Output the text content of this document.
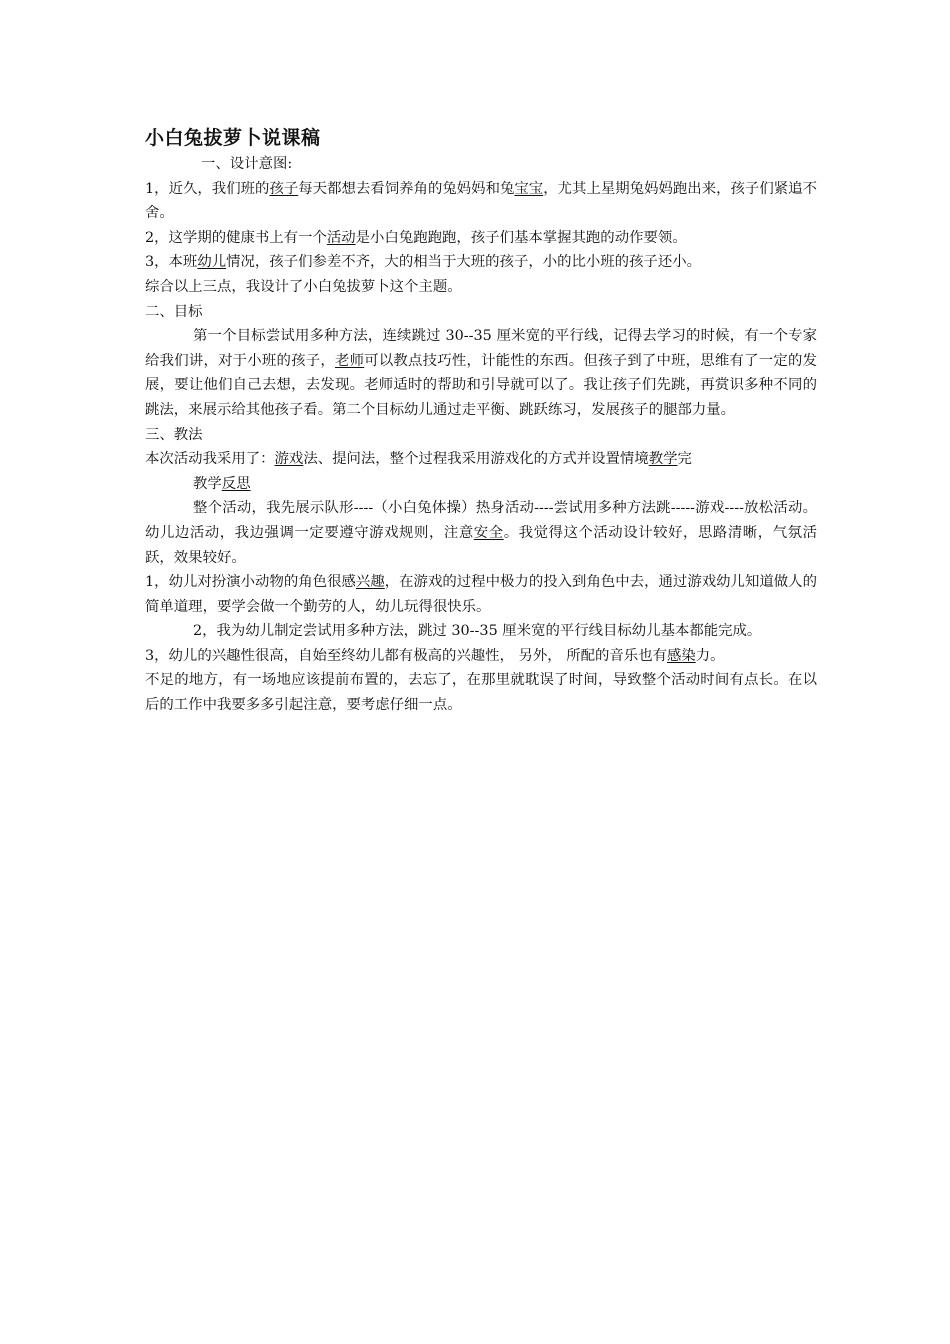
小白兔拔萝卜说课稿

一、设计意图:

1，近久，我们班的孩子每天都想去看饲养角的兔妈妈和兔宝宝，尤其上星期兔妈妈跑出来，孩子们紧追不舍。

2，这学期的健康书上有一个活动是小白兔跑跑跑，孩子们基本掌握其跑的动作要领。

3，本班幼儿情况，孩子们参差不齐，大的相当于大班的孩子，小的比小班的孩子还小。

综合以上三点，我设计了小白兔拔萝卜这个主题。

二、目标

第一个目标尝试用多种方法，连续跳过 30--35 厘米宽的平行线，记得去学习的时候，有一个专家给我们讲，对于小班的孩子，老师可以教点技巧性，计能性的东西。但孩子到了中班，思维有了一定的发展，要让他们自己去想，去发现。老师适时的帮助和引导就可以了。我让孩子们先跳，再赏识多种不同的跳法，来展示给其他孩子看。第二个目标幼儿通过走平衡、跳跃练习，发展孩子的腿部力量。

三、教法

本次活动我采用了：游戏法、提问法，整个过程我采用游戏化的方式并设置情境教学完

教学反思

整个活动，我先展示队形----（小白兔体操）热身活动----尝试用多种方法跳-----游戏----放松活动。幼儿边活动，我边强调一定要遵守游戏规则，注意安全。我觉得这个活动设计较好，思路清晰，气氛活跃，效果较好。

1，幼儿对扮演小动物的角色很感兴趣，在游戏的过程中极力的投入到角色中去，通过游戏幼儿知道做人的简单道理，要学会做一个勤劳的人，幼儿玩得很快乐。

2，我为幼儿制定尝试用多种方法，跳过 30--35 厘米宽的平行线目标幼儿基本都能完成。

3，幼儿的兴趣性很高，自始至终幼儿都有极高的兴趣性， 另外， 所配的音乐也有感染力。

不足的地方，有一场地应该提前布置的，去忘了，在那里就耽误了时间，导致整个活动时间有点长。在以后的工作中我要多多引起注意，要考虑仔细一点。
